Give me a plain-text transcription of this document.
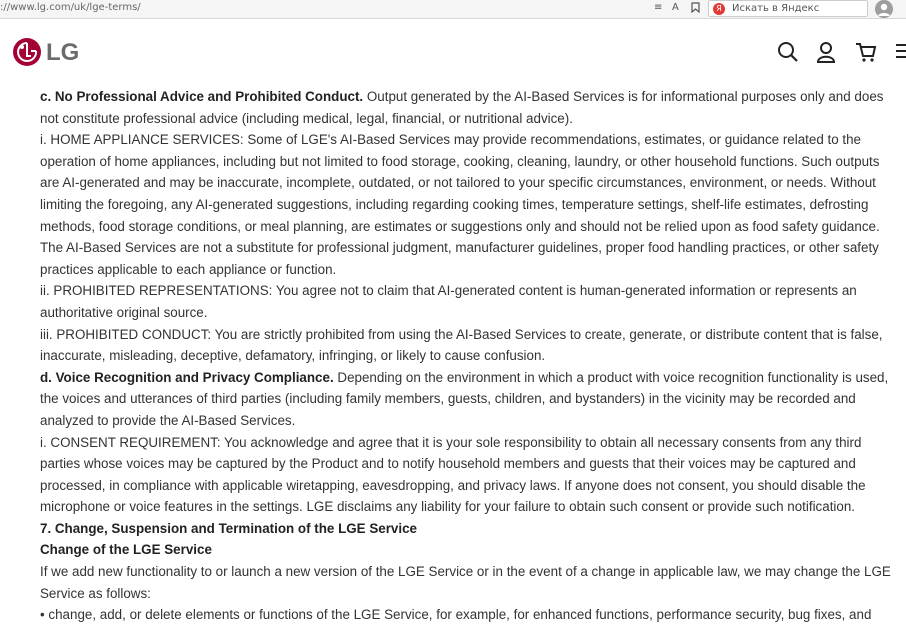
://www.lg.com/uk/lge-terms/	≡ A	Я	Искать в Яндекс
LG

c. No Professional Advice and Prohibited Conduct. Output generated by the AI-Based Services is for informational purposes only and does not constitute professional advice (including medical, legal, financial, or nutritional advice).

i. HOME APPLIANCE SERVICES: Some of LGE's AI-Based Services may provide recommendations, estimates, or guidance related to the operation of home appliances, including but not limited to food storage, cooking, cleaning, laundry, or other household functions. Such outputs are AI-generated and may be inaccurate, incomplete, outdated, or not tailored to your specific circumstances, environment, or needs. Without limiting the foregoing, any AI-generated suggestions, including regarding cooking times, temperature settings, shelf-life estimates, defrosting methods, food storage conditions, or meal planning, are estimates or suggestions only and should not be relied upon as food safety guidance. The AI-Based Services are not a substitute for professional judgment, manufacturer guidelines, proper food handling practices, or other safety practices applicable to each appliance or function.

ii. PROHIBITED REPRESENTATIONS: You agree not to claim that AI-generated content is human-generated information or represents an authoritative original source.

iii. PROHIBITED CONDUCT: You are strictly prohibited from using the AI-Based Services to create, generate, or distribute content that is false, inaccurate, misleading, deceptive, defamatory, infringing, or likely to cause confusion.

d. Voice Recognition and Privacy Compliance. Depending on the environment in which a product with voice recognition functionality is used, the voices and utterances of third parties (including family members, guests, children, and bystanders) in the vicinity may be recorded and analyzed to provide the AI-Based Services.

i. CONSENT REQUIREMENT: You acknowledge and agree that it is your sole responsibility to obtain all necessary consents from any third parties whose voices may be captured by the Product and to notify household members and guests that their voices may be captured and processed, in compliance with applicable wiretapping, eavesdropping, and privacy laws. If anyone does not consent, you should disable the microphone or voice features in the settings. LGE disclaims any liability for your failure to obtain such consent or provide such notification.

7. Change, Suspension and Termination of the LGE Service

Change of the LGE Service

If we add new functionality to or launch a new version of the LGE Service or in the event of a change in applicable law, we may change the LGE Service as follows:

• change, add, or delete elements or functions of the LGE Service, for example, for enhanced functions, performance security, bug fixes, and
